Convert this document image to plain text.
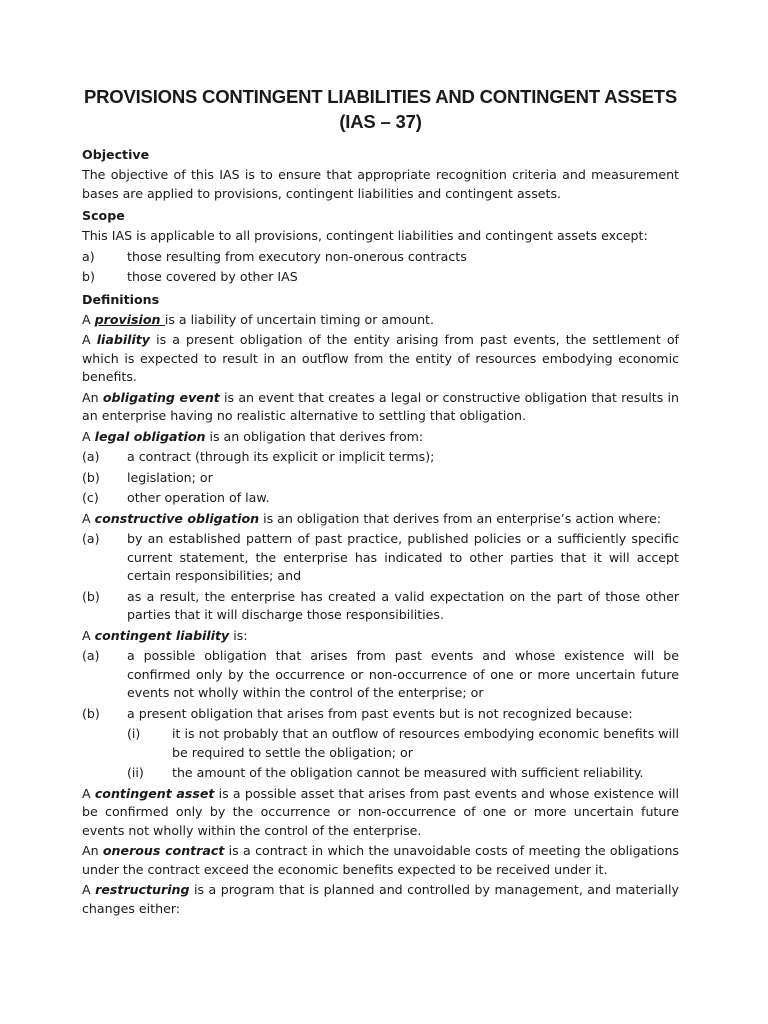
PROVISIONS CONTINGENT LIABILITIES AND CONTINGENT ASSETS
(IAS – 37)
Objective

The objective of this IAS is to ensure that appropriate recognition criteria and measurement bases are applied to provisions, contingent liabilities and contingent assets.

Scope

This IAS is applicable to all provisions, contingent liabilities and contingent assets except:

a)	those resulting from executory non-onerous contracts
b)	those covered by other IAS
Definitions

A provision is a liability of uncertain timing or amount.

A liability is a present obligation of the entity arising from past events, the settlement of which is expected to result in an outflow from the entity of resources embodying economic benefits.

An obligating event is an event that creates a legal or constructive obligation that results in an enterprise having no realistic alternative to settling that obligation.

A legal obligation is an obligation that derives from:

(a)	a contract (through its explicit or implicit terms);
(b)	legislation; or
(c)	other operation of law.

A constructive obligation is an obligation that derives from an enterprise’s action where:

(a)	by an established pattern of past practice, published policies or a sufficiently specific current statement, the enterprise has indicated to other parties that it will accept certain responsibilities; and
(b)	as a result, the enterprise has created a valid expectation on the part of those other parties that it will discharge those responsibilities.

A contingent liability is:

(a)	a possible obligation that arises from past events and whose existence will be confirmed only by the occurrence or non-occurrence of one or more uncertain future events not wholly within the control of the enterprise; or
(b)	a present obligation that arises from past events but is not recognized because:
(i)	it is not probably that an outflow of resources embodying economic benefits will be required to settle the obligation; or
(ii)	the amount of the obligation cannot be measured with sufficient reliability.

A contingent asset is a possible asset that arises from past events and whose existence will be confirmed only by the occurrence or non-occurrence of one or more uncertain future events not wholly within the control of the enterprise.

An onerous contract is a contract in which the unavoidable costs of meeting the obligations under the contract exceed the economic benefits expected to be received under it.

A restructuring is a program that is planned and controlled by management, and materially changes either:
